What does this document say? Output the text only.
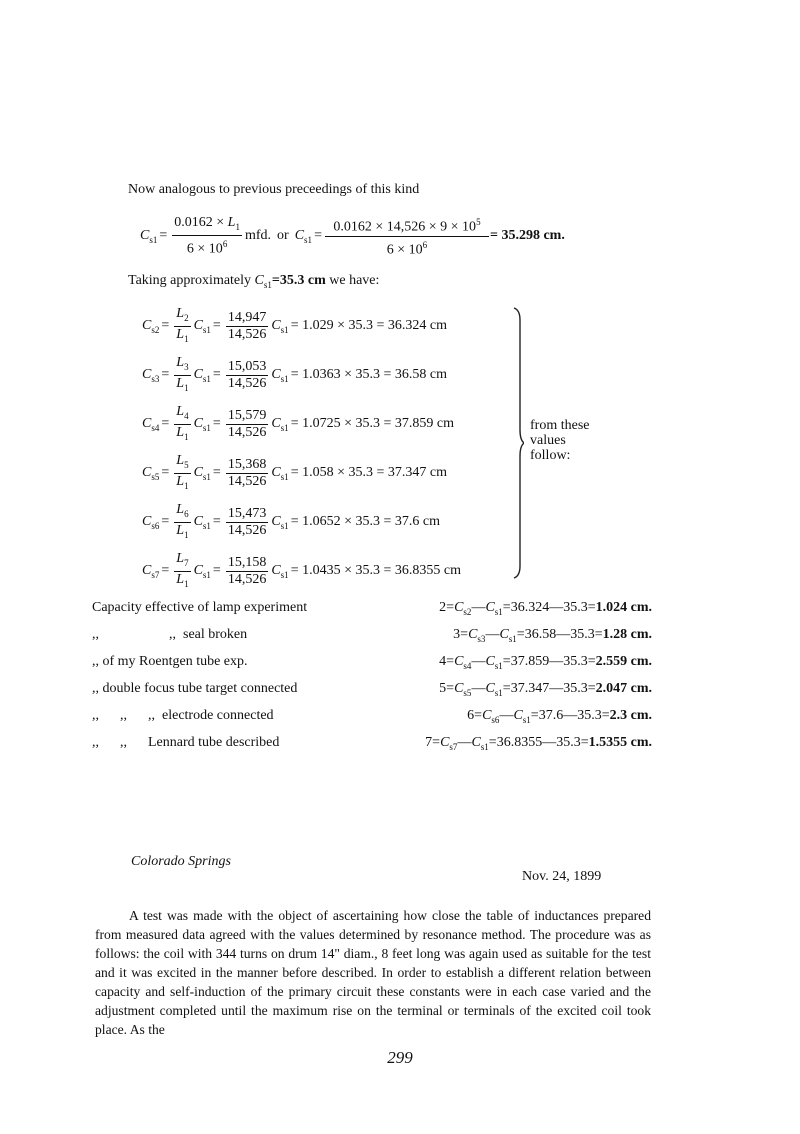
Now analogous to previous preceedings of this kind
$C_{s1} = \frac{0.0162 \times L_1}{6 \times 10^6}$ mfd. or $C_{s1} = \frac{0.0162 \times 14,526 \times 9 \times 10^5}{6 \times 10^6} = 35.298$ cm.
Taking approximately $C_{s1}=35.3$ cm we have:
$C_{s2} = \frac{L_2}{L_1} C_{s1} = \frac{14,947}{14,526} C_{s1} = 1.029 \times 35.3 = 36.324$ cm
$C_{s3} = \frac{L_3}{L_1} C_{s1} = \frac{15,053}{14,526} C_{s1} = 1.0363 \times 35.3 = 36.58$ cm
$C_{s4} = \frac{L_4}{L_1} C_{s1} = \frac{15,579}{14,526} C_{s1} = 1.0725 \times 35.3 = 37.859$ cm
$C_{s5} = \frac{L_5}{L_1} C_{s1} = \frac{15,368}{14,526} C_{s1} = 1.058 \times 35.3 = 37.347$ cm
$C_{s6} = \frac{L_6}{L_1} C_{s1} = \frac{15,473}{14,526} C_{s1} = 1.0652 \times 35.3 = 37.6$ cm
$C_{s7} = \frac{L_7}{L_1} C_{s1} = \frac{15,158}{14,526} C_{s1} = 1.0435 \times 35.3 = 36.8355$ cm
from these
values
follow:
Capacity effective of lamp experiment	$2=C_{s2}—C_{s1}=36.324—35.3=1.024$ cm.
,,                    ,,  seal broken	$3=C_{s3}—C_{s1}=36.58—35.3=1.28$ cm.
,, of my Roentgen tube exp.	$4=C_{s4}—C_{s1}=37.859—35.3=2.559$ cm.
,, double focus tube target connected	$5=C_{s5}—C_{s1}=37.347—35.3=2.047$ cm.
,,      ,,      ,,  electrode connected	$6=C_{s6}—C_{s1}=37.6—35.3=2.3$ cm.
,,      ,,      Lennard tube described	$7=C_{s7}—C_{s1}=36.8355—35.3=1.5355$ cm.
Colorado Springs
Nov. 24, 1899
A test was made with the object of ascertaining how close the table of inductances prepared from measured data agreed with the values determined by resonance method. The procedure was as follows: the coil with 344 turns on drum 14" diam., 8 feet long was again used as suitable for the test and it was excited in the manner before described. In order to establish a different relation between capacity and self-induction of the primary circuit these constants were in each case varied and the adjustment completed until the maximum rise on the terminal or terminals of the excited coil took place. As the
299
